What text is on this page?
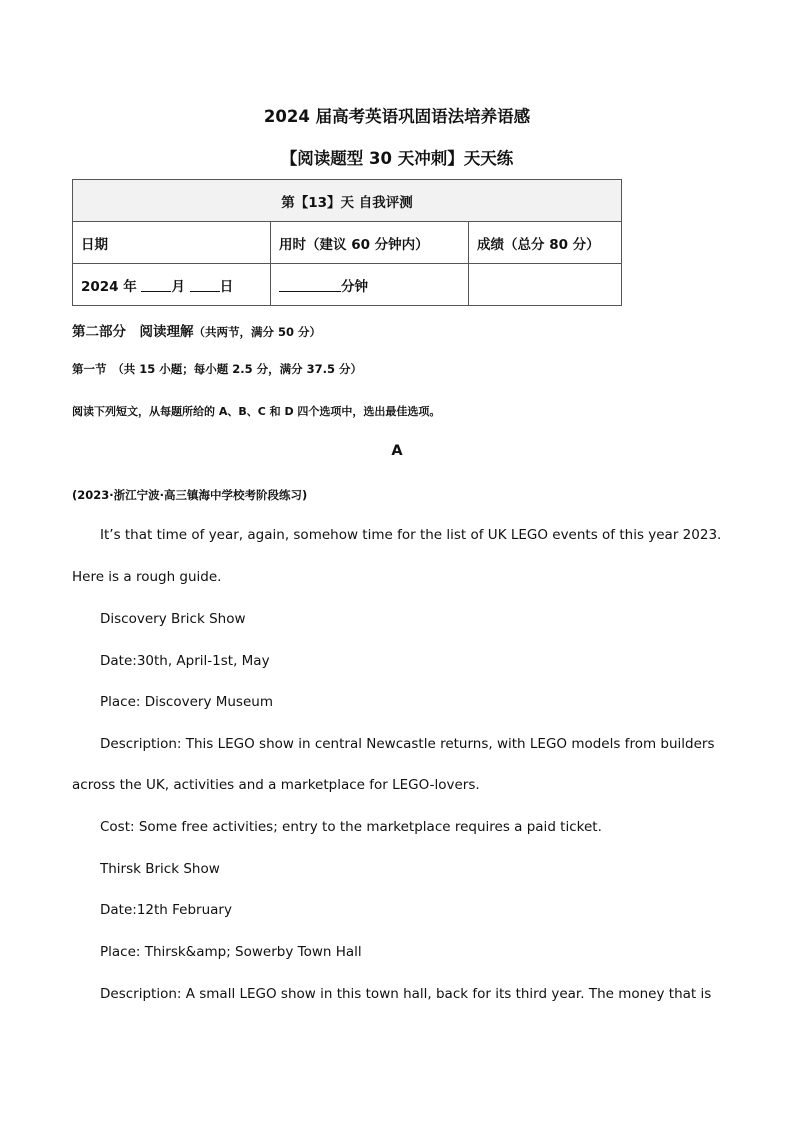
2024 届高考英语巩固语法培养语感
【阅读题型 30 天冲刺】天天练
第【13】天 自我评测		
日期	用时（建议 60 分钟内）	成绩（总分 80 分）
2024 年 月 日	分钟	
第二部分　阅读理解（共两节，满分 50 分）
第一节　（共 15 小题；每小题 2.5 分，满分 37.5 分）
阅读下列短文，从每题所给的 A、B、C 和 D 四个选项中，选出最佳选项。
A
(2023·浙江宁波·高三镇海中学校考阶段练习)
It’s that time of year, again, somehow time for the list of UK LEGO events of this year 2023.
Here is a rough guide.
Discovery Brick Show
Date:30th, April-1st, May
Place: Discovery Museum
Description: This LEGO show in central Newcastle returns, with LEGO models from builders
across the UK, activities and a marketplace for LEGO-lovers.
Cost: Some free activities; entry to the marketplace requires a paid ticket.
Thirsk Brick Show
Date:12th February
Place: Thirsk&amp; Sowerby Town Hall
Description: A small LEGO show in this town hall, back for its third year. The money that is
